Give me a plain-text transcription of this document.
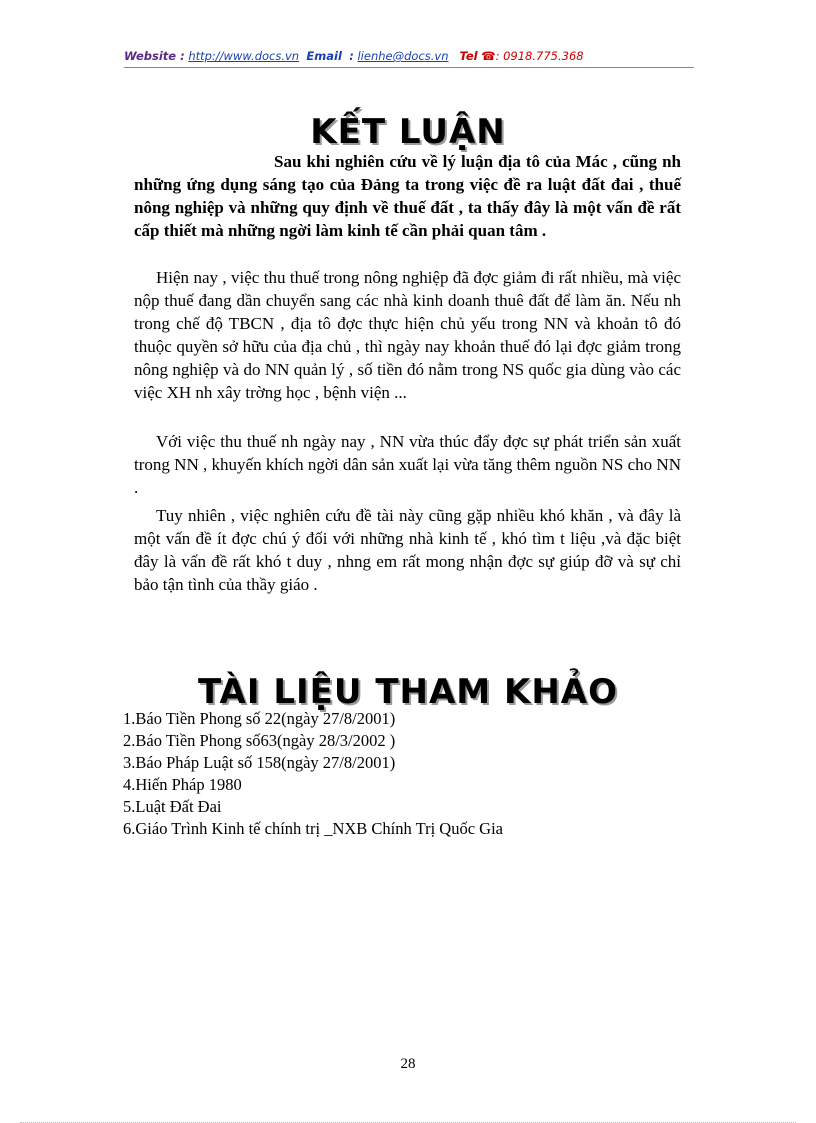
Website : http://www.docs.vn Email : lienhe@docs.vn Tel ☎: 0918.775.368
KẾT LUẬN
Sau khi nghiên cứu về lý luận địa tô của Mác , cũng nh những ứng dụng sáng tạo của Đảng ta trong việc đề ra luật đất đai , thuế nông nghiệp và những quy định về thuế đất , ta thấy đây là một vấn đề rất cấp thiết mà những ngời làm kinh tế cần phải quan tâm .

Hiện nay , việc thu thuế trong nông nghiệp đã đợc giảm đi rất nhiều, mà việc nộp thuế đang dần chuyển sang các nhà kinh doanh thuê đất để làm ăn. Nếu nh trong chế độ TBCN , địa tô đợc thực hiện chủ yếu trong NN và khoản tô đó thuộc quyền sở hữu của địa chủ , thì ngày nay khoản thuế đó lại đợc giảm trong nông nghiệp và do NN quản lý , số tiền đó nằm trong NS quốc gia dùng vào các việc XH nh xây trờng học , bệnh viện ...

Với việc thu thuế nh ngày nay , NN vừa thúc đẩy đợc sự phát triển sản xuất trong NN , khuyến khích ngời dân sản xuất lại vừa tăng thêm nguồn NS cho NN .

Tuy nhiên , việc nghiên cứu đề tài này cũng gặp nhiều khó khăn , và đây là một vấn đề ít đợc chú ý đối với những nhà kinh tế , khó tìm t liệu ,và đặc biệt đây là vấn đề rất khó t duy , nhng em rất mong nhận đợc sự giúp đỡ và sự chỉ bảo tận tình của thầy giáo .

TÀI LIỆU THAM KHẢO
1.Báo Tiền Phong số 22(ngày 27/8/2001)
2.Báo Tiền Phong số63(ngày 28/3/2002 )
3.Báo Pháp Luật số 158(ngày 27/8/2001)
4.Hiến Pháp 1980
5.Luật Đất Đai
6.Giáo Trình Kinh tế chính trị _NXB Chính Trị Quốc Gia
28
